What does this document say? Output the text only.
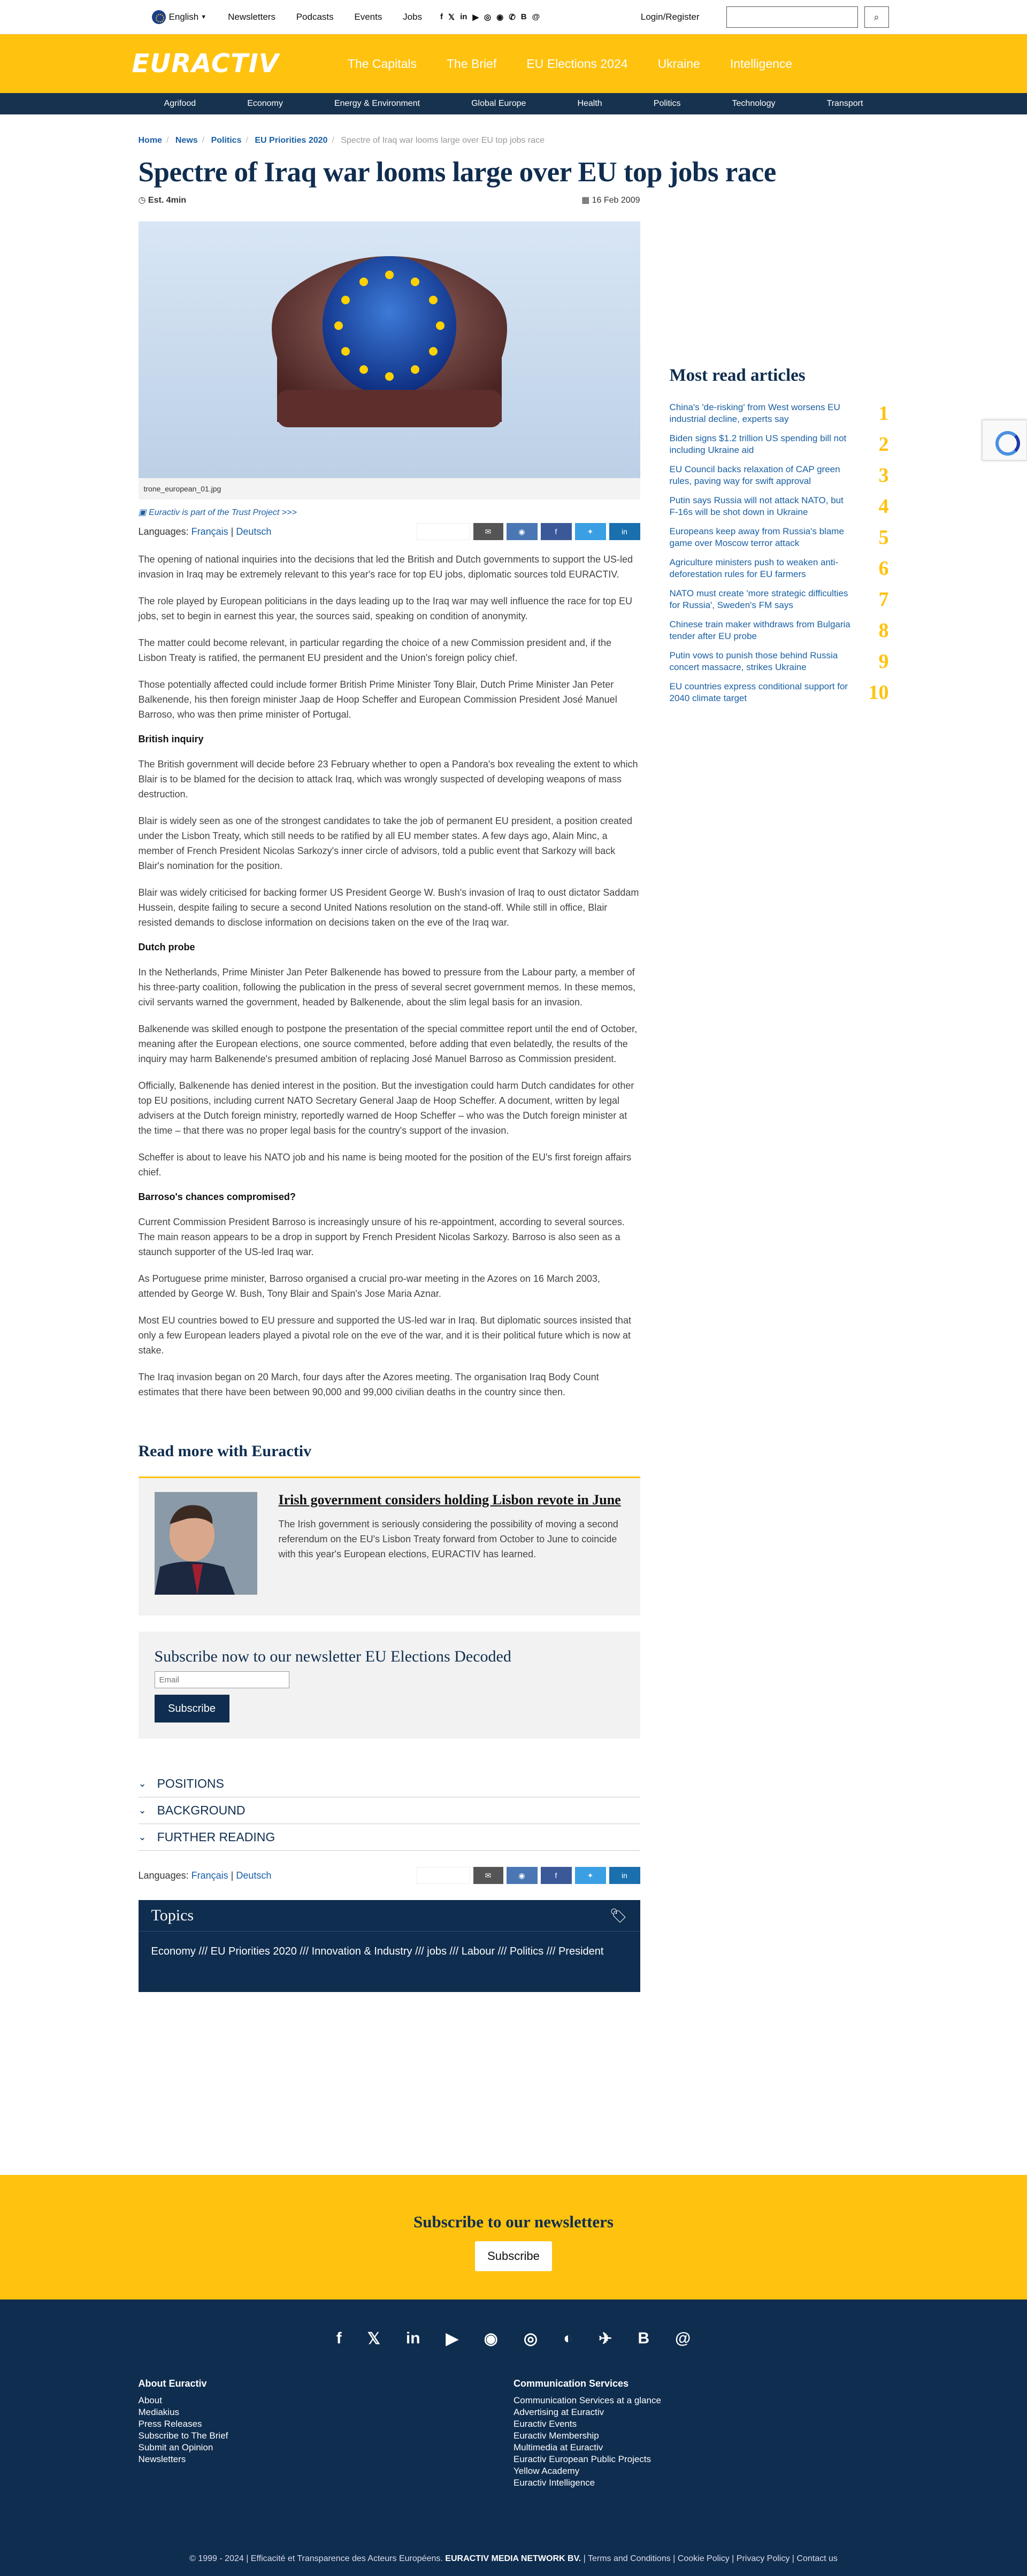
English ▼ Newsletters Podcasts Events Jobs	f 𝕏 in ▶ ◎ ◉ ✆ B @	Login/Register	⌕
EURACTIV	The Capitals	The Brief	EU Elections 2024	Ukraine	Intelligence
Agrifood	Economy	Energy & Environment	Global Europe	Health	Politics	Technology	Transport
Home / News / Politics / EU Priorities 2020 / Spectre of Iraq war looms large over EU top jobs race
Spectre of Iraq war looms large over EU top jobs race
◷ Est. 4min	▦ 16 Feb 2009
trone_european_01.jpg
▣ Euractiv is part of the Trust Project >>>
Languages: Français | Deutsch	⎙
Print	✉	◉	f	✦	in

The opening of national inquiries into the decisions that led the British and Dutch governments to support the US-led invasion in Iraq may be extremely relevant to this year's race for top EU jobs, diplomatic sources told EURACTIV.

The role played by European politicians in the days leading up to the Iraq war may well influence the race for top EU jobs, set to begin in earnest this year, the sources said, speaking on condition of anonymity.

The matter could become relevant, in particular regarding the choice of a new Commission president and, if the Lisbon Treaty is ratified, the permanent EU president and the Union's foreign policy chief.

Those potentially affected could include former British Prime Minister Tony Blair, Dutch Prime Minister Jan Peter Balkenende, his then foreign minister Jaap de Hoop Scheffer and European Commission President José Manuel Barroso, who was then prime minister of Portugal.

British inquiry

The British government will decide before 23 February whether to open a Pandora's box revealing the extent to which Blair is to be blamed for the decision to attack Iraq, which was wrongly suspected of developing weapons of mass destruction.

Blair is widely seen as one of the strongest candidates to take the job of permanent EU president, a position created under the Lisbon Treaty, which still needs to be ratified by all EU member states. A few days ago, Alain Minc, a member of French President Nicolas Sarkozy's inner circle of advisors, told a public event that Sarkozy will back Blair's nomination for the position.

Blair was widely criticised for backing former US President George W. Bush's invasion of Iraq to oust dictator Saddam Hussein, despite failing to secure a second United Nations resolution on the stand-off. While still in office, Blair resisted demands to disclose information on decisions taken on the eve of the Iraq war.

Dutch probe

In the Netherlands, Prime Minister Jan Peter Balkenende has bowed to pressure from the Labour party, a member of his three-party coalition, following the publication in the press of several secret government memos. In these memos, civil servants warned the government, headed by Balkenende, about the slim legal basis for an invasion.

Balkenende was skilled enough to postpone the presentation of the special committee report until the end of October, meaning after the European elections, one source commented, before adding that even belatedly, the results of the inquiry may harm Balkenende's presumed ambition of replacing José Manuel Barroso as Commission president.

Officially, Balkenende has denied interest in the position. But the investigation could harm Dutch candidates for other top EU positions, including current NATO Secretary General Jaap de Hoop Scheffer. A document, written by legal advisers at the Dutch foreign ministry, reportedly warned de Hoop Scheffer – who was the Dutch foreign minister at the time – that there was no proper legal basis for the country's support of the invasion.

Scheffer is about to leave his NATO job and his name is being mooted for the position of the EU's first foreign affairs chief.

Barroso's chances compromised?

Current Commission President Barroso is increasingly unsure of his re-appointment, according to several sources. The main reason appears to be a drop in support by French President Nicolas Sarkozy. Barroso is also seen as a staunch supporter of the US-led Iraq war.

As Portuguese prime minister, Barroso organised a crucial pro-war meeting in the Azores on 16 March 2003, attended by George W. Bush, Tony Blair and Spain's Jose Maria Aznar.

Most EU countries bowed to EU pressure and supported the US-led war in Iraq. But diplomatic sources insisted that only a few European leaders played a pivotal role on the eve of the war, and it is their political future which is now at stake.

The Iraq invasion began on 20 March, four days after the Azores meeting. The organisation Iraq Body Count estimates that there have been between 90,000 and 99,000 civilian deaths in the country since then.

Read more with Euractiv
Irish government considers holding Lisbon revote in June

The Irish government is seriously considering the possibility of moving a second referendum on the EU's Lisbon Treaty forward from October to June to coincide with this year's European elections, EURACTIV has learned.

Subscribe now to our newsletter EU Elections Decoded
Email
Subscribe
⌄ POSITIONS
⌄ BACKGROUND
⌄ FURTHER READING
Languages: Français | Deutsch	⎙
Print	✉	◉	f	✦	in
Topics	🏷
Economy /// EU Priorities 2020 /// Innovation & Industry /// jobs /// Labour /// Politics /// President
Most read articles
China's 'de-risking' from West worsens EU industrial decline, experts say	1
Biden signs $1.2 trillion US spending bill not including Ukraine aid	2
EU Council backs relaxation of CAP green rules, paving way for swift approval	3
Putin says Russia will not attack NATO, but F-16s will be shot down in Ukraine	4
Europeans keep away from Russia's blame game over Moscow terror attack	5
Agriculture ministers push to weaken anti-deforestation rules for EU farmers	6
NATO must create 'more strategic difficulties for Russia', Sweden's FM says	7
Chinese train maker withdraws from Bulgaria tender after EU probe	8
Putin vows to punish those behind Russia concert massacre, strikes Ukraine	9
EU countries express conditional support for 2040 climate target	10
Subscribe to our newsletters
Subscribe
f 𝕏 in ▶ ◉ ◎ ◐ ✈ B @
About Euractiv
About
Mediakius
Press Releases
Subscribe to The Brief
Submit an Opinion
Newsletters
Communication Services
Communication Services at a glance
Advertising at Euractiv
Euractiv Events
Euractiv Membership
Multimedia at Euractiv
Euractiv European Public Projects
Yellow Academy
Euractiv Intelligence
© 1999 - 2024 | Efficacité et Transparence des Acteurs Européens. EURACTIV MEDIA NETWORK BV. | Terms and Conditions | Cookie Policy | Privacy Policy | Contact us
